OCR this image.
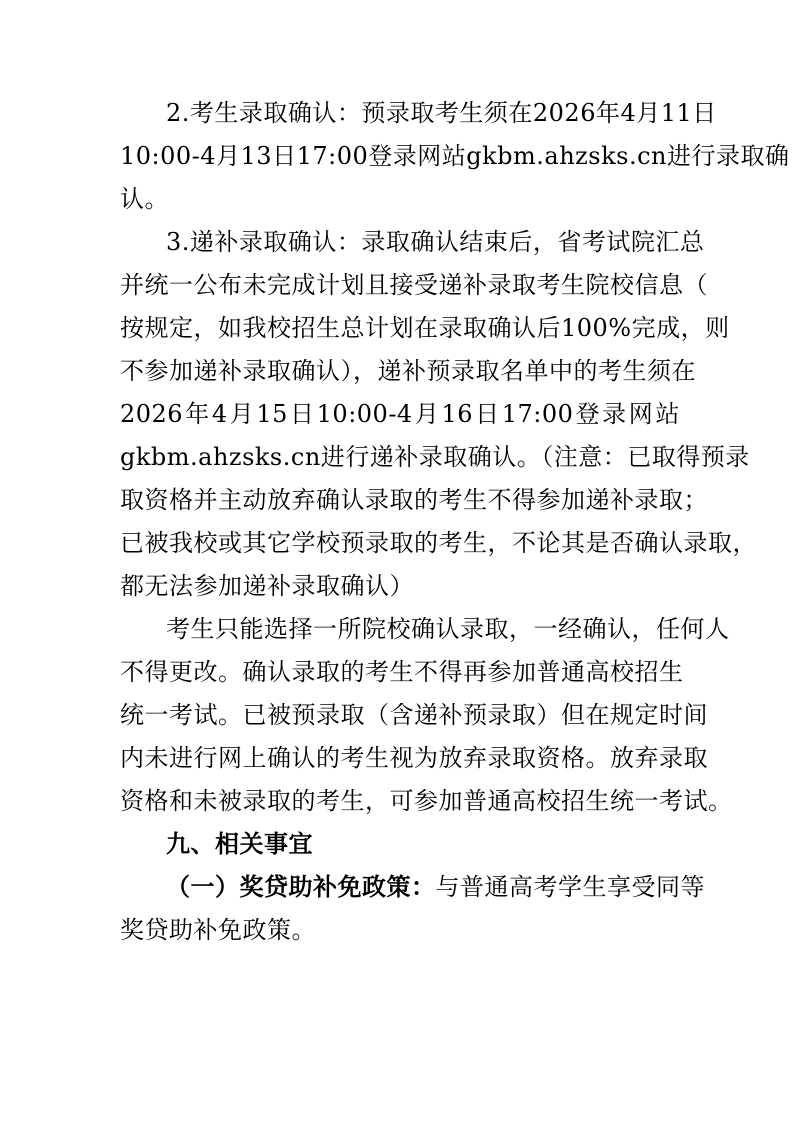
2.考生录取确认：预录取考生须在2026年4月11日
10:00-4月13日17:00登录网站gkbm.ahzsks.cn进行录取确
认。
3.递补录取确认：录取确认结束后，省考试院汇总
并统一公布未完成计划且接受递补录取考生院校信息（
按规定，如我校招生总计划在录取确认后100%完成，则
不参加递补录取确认），递补预录取名单中的考生须在
2026 年 4 月 15 日 10:00-4 月 16 日 17:00 登 录 网 站
gkbm.ahzsks.cn进行递补录取确认。（注意：已取得预录
取资格并主动放弃确认录取的考生不得参加递补录取；
已被我校或其它学校预录取的考生，不论其是否确认录取，
都无法参加递补录取确认）
考生只能选择一所院校确认录取，一经确认，任何人
不得更改。确认录取的考生不得再参加普通高校招生
统一考试。已被预录取（含递补预录取）但在规定时间
内未进行网上确认的考生视为放弃录取资格。放弃录取
资格和未被录取的考生，可参加普通高校招生统一考试。
九、相关事宜
（一）奖贷助补免政策：与普通高考学生享受同等
奖贷助补免政策。
